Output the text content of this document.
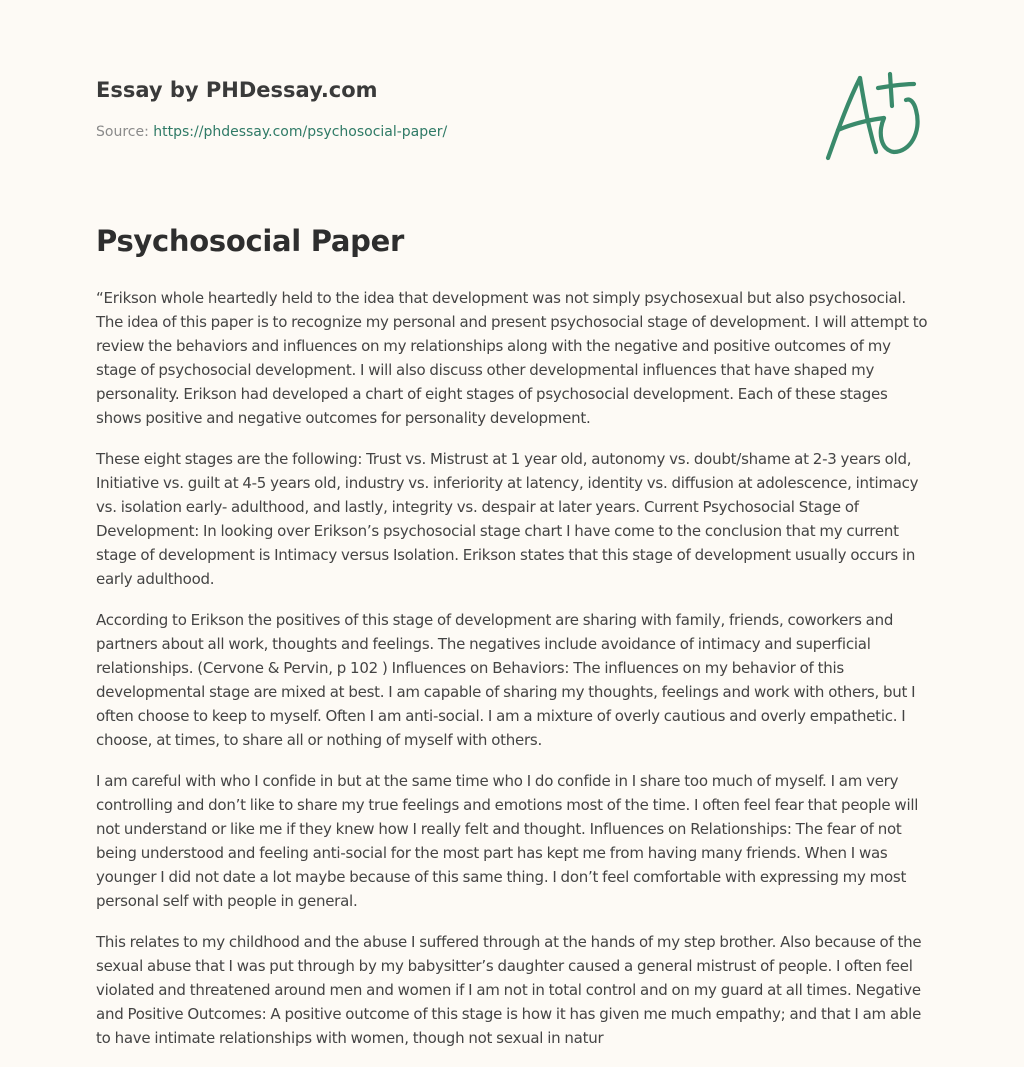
Essay by PHDessay.com
Source: https://phdessay.com/psychosocial-paper/
Psychosocial Paper

“Erikson whole heartedly held to the idea that development was not simply psychosexual but also psychosocial. The idea of this paper is to recognize my personal and present psychosocial stage of development. I will attempt to review the behaviors and influences on my relationships along with the negative and positive outcomes of my stage of psychosocial development. I will also discuss other developmental influences that have shaped my personality. Erikson had developed a chart of eight stages of psychosocial development. Each of these stages shows positive and negative outcomes for personality development.

These eight stages are the following: Trust vs. Mistrust at 1 year old, autonomy vs. doubt/shame at 2-3 years old, Initiative vs. guilt at 4-5 years old, industry vs. inferiority at latency, identity vs. diffusion at adolescence, intimacy vs. isolation early- adulthood, and lastly, integrity vs. despair at later years. Current Psychosocial Stage of Development: In looking over Erikson’s psychosocial stage chart I have come to the conclusion that my current stage of development is Intimacy versus Isolation. Erikson states that this stage of development usually occurs in early adulthood.

According to Erikson the positives of this stage of development are sharing with family, friends, coworkers and partners about all work, thoughts and feelings. The negatives include avoidance of intimacy and superficial relationships. (Cervone & Pervin, p 102 ) Influences on Behaviors: The influences on my behavior of this developmental stage are mixed at best. I am capable of sharing my thoughts, feelings and work with others, but I often choose to keep to myself. Often I am anti-social. I am a mixture of overly cautious and overly empathetic. I choose, at times, to share all or nothing of myself with others.

I am careful with who I confide in but at the same time who I do confide in I share too much of myself. I am very controlling and don’t like to share my true feelings and emotions most of the time. I often feel fear that people will not understand or like me if they knew how I really felt and thought. Influences on Relationships: The fear of not being understood and feeling anti-social for the most part has kept me from having many friends. When I was younger I did not date a lot maybe because of this same thing. I don’t feel comfortable with expressing my most personal self with people in general.

This relates to my childhood and the abuse I suffered through at the hands of my step brother. Also because of the sexual abuse that I was put through by my babysitter’s daughter caused a general mistrust of people. I often feel violated and threatened around men and women if I am not in total control and on my guard at all times. Negative and Positive Outcomes: A positive outcome of this stage is how it has given me much empathy; and that I am able to have intimate relationships with women, though not sexual in natur
